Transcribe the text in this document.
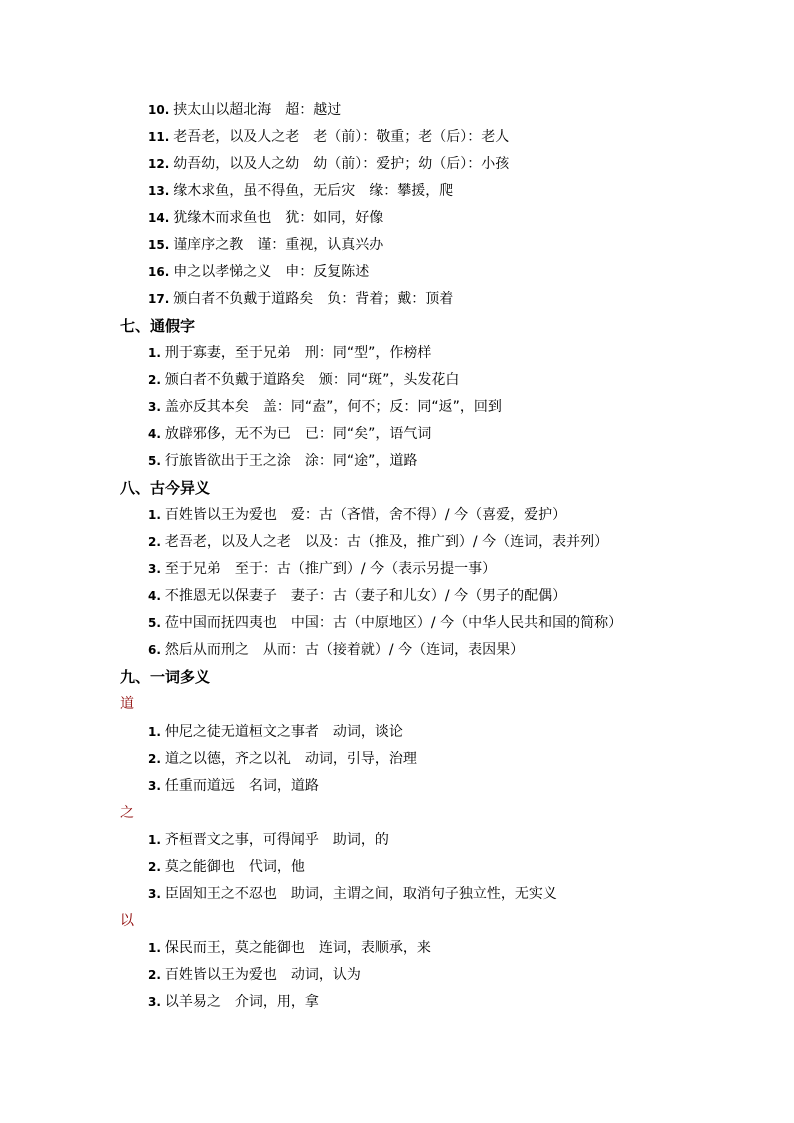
10. 挟太山以超北海　超：越过
11. 老吾老，以及人之老　老（前）：敬重；老（后）：老人
12. 幼吾幼，以及人之幼　幼（前）：爱护；幼（后）：小孩
13. 缘木求鱼，虽不得鱼，无后灾　缘：攀援，爬
14. 犹缘木而求鱼也　犹：如同，好像
15. 谨庠序之教　谨：重视，认真兴办
16. 申之以孝悌之义　申：反复陈述
17. 颁白者不负戴于道路矣　负：背着；戴：顶着
七、通假字
1. 刑于寡妻，至于兄弟　刑：同“型”，作榜样
2. 颁白者不负戴于道路矣　颁：同“斑”，头发花白
3. 盖亦反其本矣　盖：同“盍”，何不；反：同“返”，回到
4. 放辟邪侈，无不为已　已：同“矣”，语气词
5. 行旅皆欲出于王之涂　涂：同“途”，道路
八、古今异义
1. 百姓皆以王为爱也　爱：古（吝惜，舍不得）/ 今（喜爱，爱护）
2. 老吾老，以及人之老　以及：古（推及，推广到）/ 今（连词，表并列）
3. 至于兄弟　至于：古（推广到）/ 今（表示另提一事）
4. 不推恩无以保妻子　妻子：古（妻子和儿女）/ 今（男子的配偶）
5. 莅中国而抚四夷也　中国：古（中原地区）/ 今（中华人民共和国的简称）
6. 然后从而刑之　从而：古（接着就）/ 今（连词，表因果）
九、一词多义
道
1. 仲尼之徒无道桓文之事者　动词，谈论
2. 道之以德，齐之以礼　动词，引导，治理
3. 任重而道远　名词，道路
之
1. 齐桓晋文之事，可得闻乎　助词，的
2. 莫之能御也　代词，他
3. 臣固知王之不忍也　助词，主谓之间，取消句子独立性，无实义
以
1. 保民而王，莫之能御也　连词，表顺承，来
2. 百姓皆以王为爱也　动词，认为
3. 以羊易之　介词，用，拿
